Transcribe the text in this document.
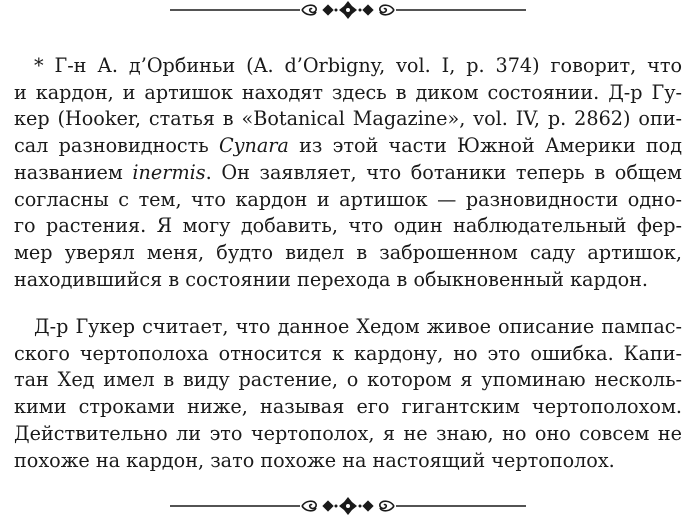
* Г-н А. д’Орбиньи (A. d’Orbigny, vol. I, p. 374) говорит, что
и кардон, и артишок находят здесь в диком состоянии. Д-р Гу-
кер (Hooker, статья в «Botanical Magazine», vol. IV, p. 2862) опи-
сал разновидность Cynara из этой части Южной Америки под
названием inermis. Он заявляет, что ботаники теперь в общем
согласны с тем, что кардон и артишок — разновидности одно-
го растения. Я могу добавить, что один наблюдательный фер-
мер уверял меня, будто видел в заброшенном саду артишок,
находившийся в состоянии перехода в обыкновенный кардон.
Д-р Гукер считает, что данное Хедом живое описание пампас-
ского чертополоха относится к кардону, но это ошибка. Капи-
тан Хед имел в виду растение, о котором я упоминаю несколь-
кими строками ниже, называя его гигантским чертополохом.
Действительно ли это чертополох, я не знаю, но оно совсем не
похоже на кардон, зато похоже на настоящий чертополох.
